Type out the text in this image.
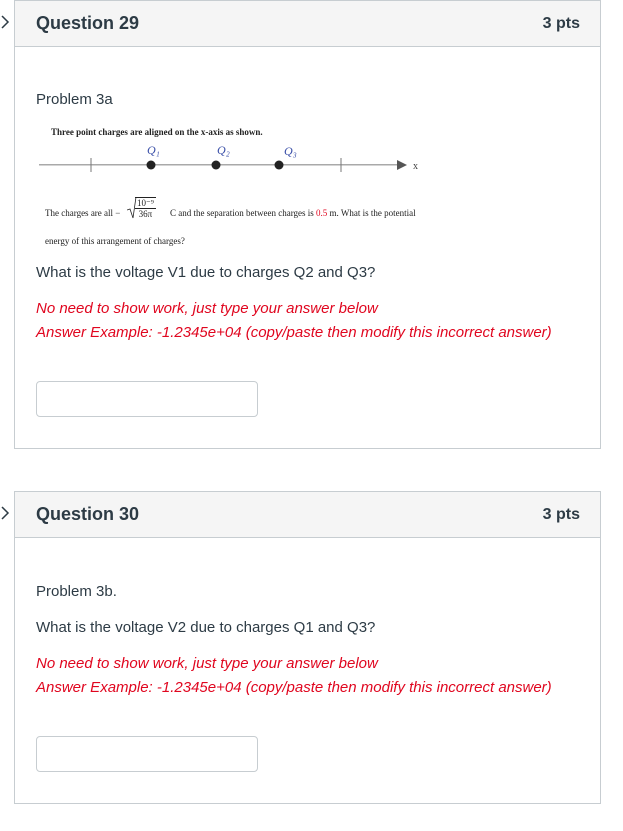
Question 29	3 pts
Problem 3a
Three point charges are aligned on the x-axis as shown.
Q₁	Q₂	Q₃
x
The charges are all − $\frac{\text{10⁻⁹}}{36\pi}$ C and the separation between charges is 0.5 m. What is the potential
energy of this arrangement of charges?
What is the voltage V1 due to charges Q2 and Q3?
No need to show work, just type your answer below
Answer Example: -1.2345e+04 (copy/paste then modify this incorrect answer)
Question 30	3 pts
Problem 3b.
What is the voltage V2 due to charges Q1 and Q3?
No need to show work, just type your answer below
Answer Example: -1.2345e+04 (copy/paste then modify this incorrect answer)
